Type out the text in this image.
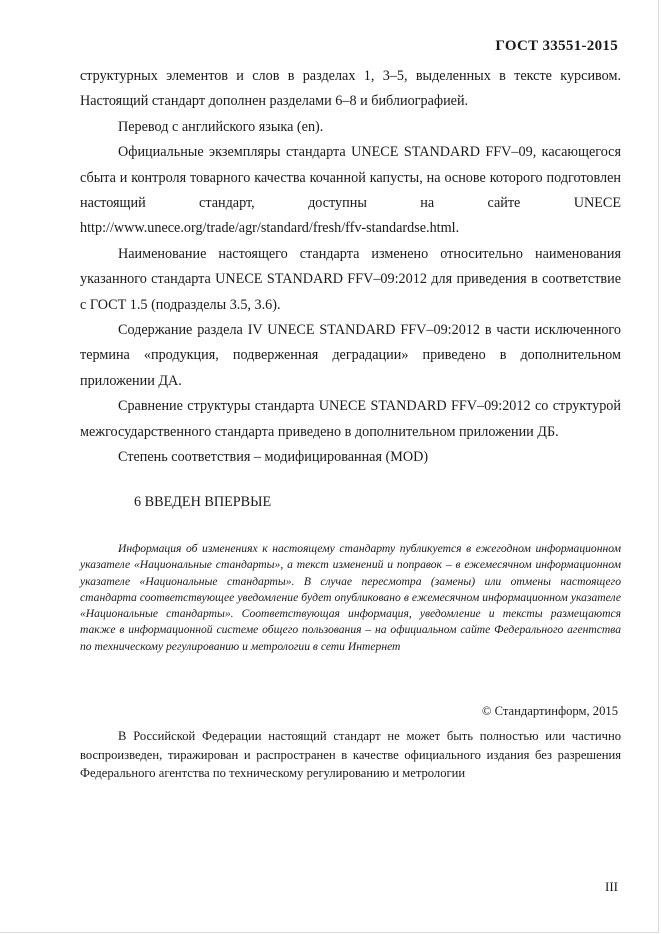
ГОСТ 33551-2015

структурных элементов и слов в разделах 1, 3–5, выделенных в тексте курсивом. Настоящий стандарт дополнен разделами 6–8 и библиографией.

Перевод с английского языка (en).

Официальные экземпляры стандарта UNECE STANDARD FFV–09, касающегося сбыта и контроля товарного качества кочанной капусты, на основе которого подготовлен настоящий стандарт, доступны на сайте UNECE http://www.unece.org/trade/agr/standard/fresh/ffv-standardse.html.

Наименование настоящего стандарта изменено относительно наименования указанного стандарта UNECE STANDARD FFV–09:2012 для приведения в соответствие с ГОСТ 1.5 (подразделы 3.5, 3.6).

Содержание раздела IV UNECE STANDARD FFV–09:2012 в части исключенного термина «продукция, подверженная деградации» приведено в дополнительном приложении ДА.

Сравнение структуры стандарта UNECE STANDARD FFV–09:2012 со структурой межгосударственного стандарта приведено в дополнительном приложении ДБ.

Степень соответствия – модифицированная (MOD)

6 ВВЕДЕН ВПЕРВЫЕ
Информация об изменениях к настоящему стандарту публикуется в ежегодном информационном указателе «Национальные стандарты», а текст изменений и поправок – в ежемесячном информационном указателе «Национальные стандарты». В случае пересмотра (замены) или отмены настоящего стандарта соответствующее уведомление будет опубликовано в ежемесячном информационном указателе «Национальные стандарты». Соответствующая информация, уведомление и тексты размещаются также в информационной системе общего пользования – на официальном сайте Федерального агентства по техническому регулированию и метрологии в сети Интернет
© Стандартинформ, 2015
В Российской Федерации настоящий стандарт не может быть полностью или частично воспроизведен, тиражирован и распространен в качестве официального издания без разрешения Федерального агентства по техническому регулированию и метрологии
III
